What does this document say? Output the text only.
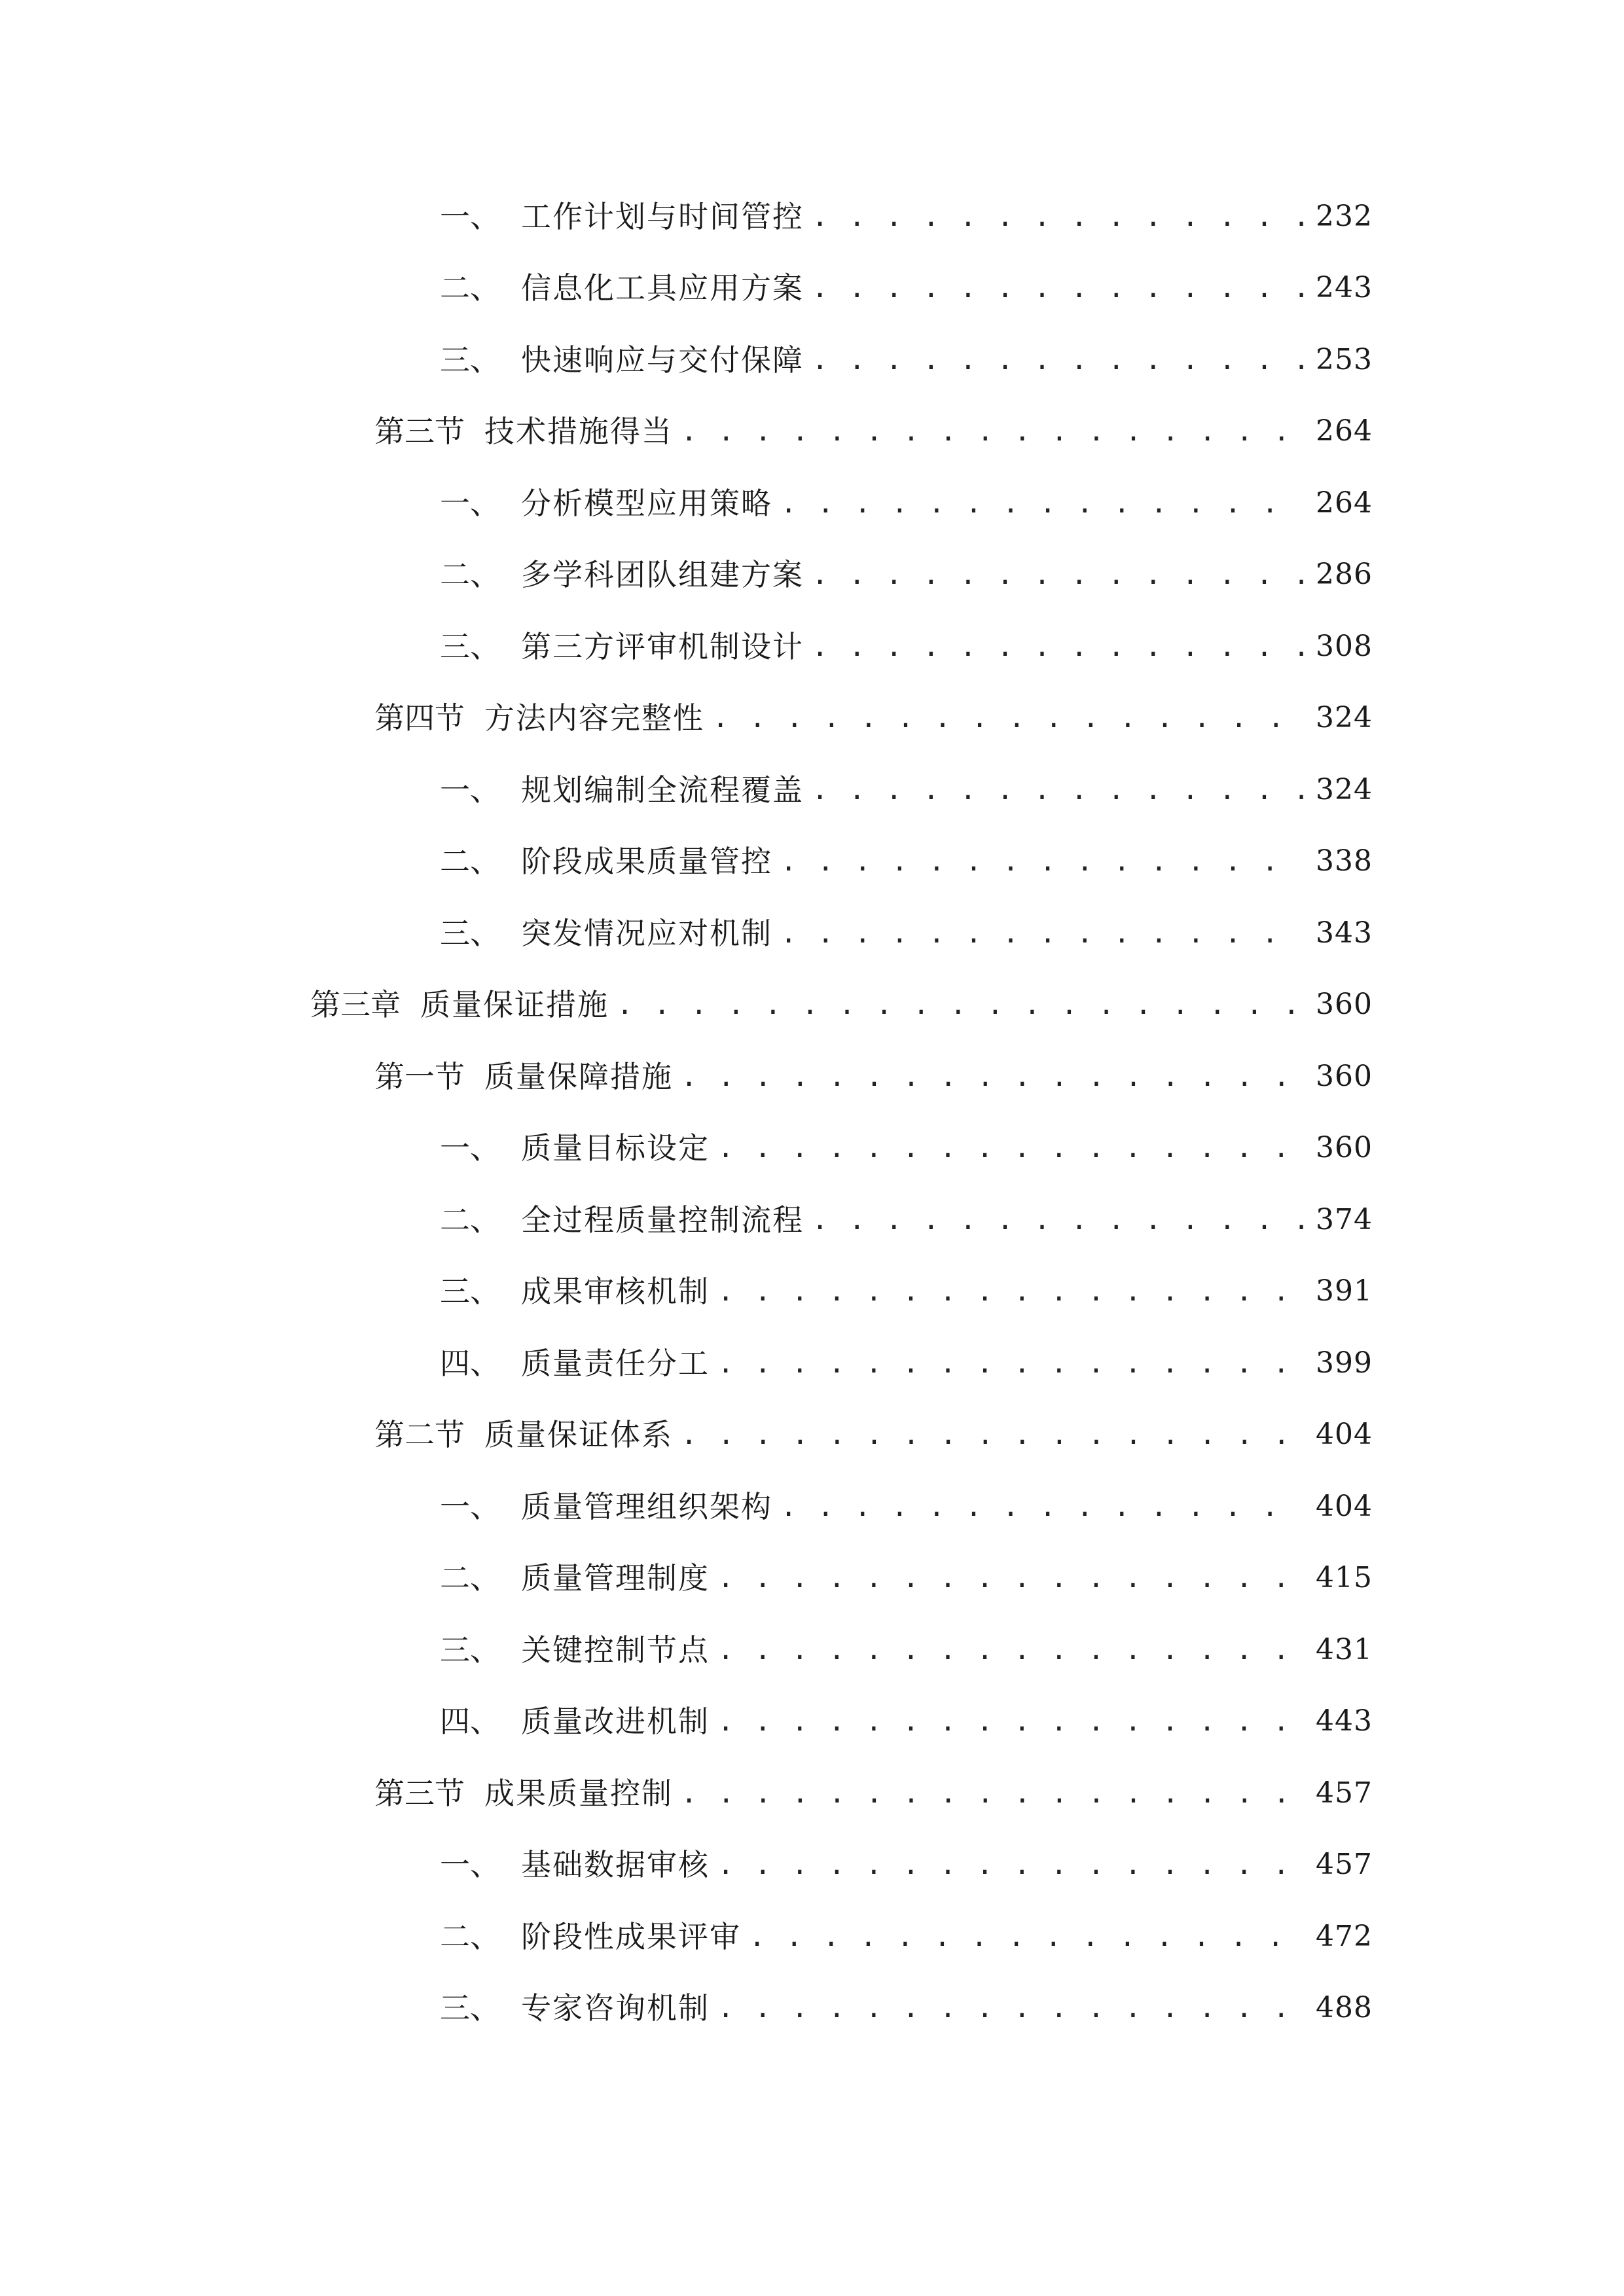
一、 工作计划与时间管控 . . .	232
二、 信息化工具应用方案 . . .	243
三、 快速响应与交付保障 . . .	253
第三节 技术措施得当 . . .	264
一、 分析模型应用策略 . . .	264
二、 多学科团队组建方案 . . .	286
三、 第三方评审机制设计 . . .	308
第四节 方法内容完整性 . . .	324
一、 规划编制全流程覆盖 . . .	324
二、 阶段成果质量管控 . . .	338
三、 突发情况应对机制 . . .	343
第三章 质量保证措施 . . .	360
第一节 质量保障措施 . . .	360
一、 质量目标设定 . . .	360
二、 全过程质量控制流程 . . .	374
三、 成果审核机制 . . .	391
四、 质量责任分工 . . .	399
第二节 质量保证体系 . . .	404
一、 质量管理组织架构 . . .	404
二、 质量管理制度 . . .	415
三、 关键控制节点 . . .	431
四、 质量改进机制 . . .	443
第三节 成果质量控制 . . .	457
一、 基础数据审核 . . .	457
二、 阶段性成果评审 . . .	472
三、 专家咨询机制 . . .	488
